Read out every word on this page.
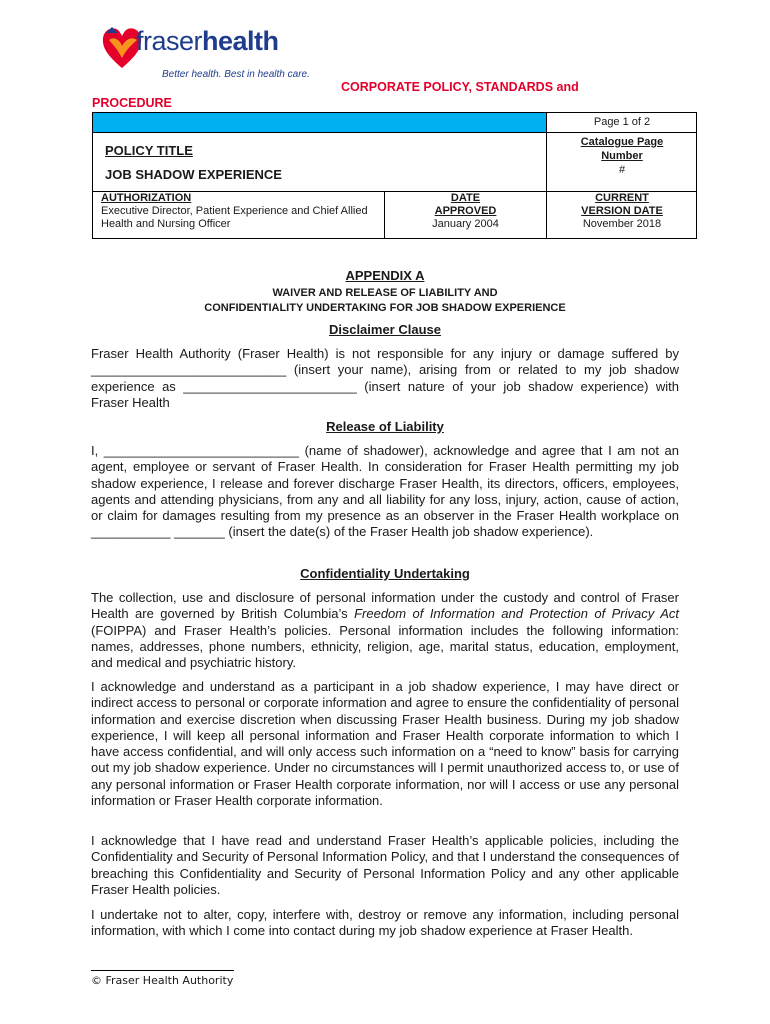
fraserhealth
Better health. Best in health care.
CORPORATE POLICY, STANDARDS and
PROCEDURE
Page 1 of 2
POLICY TITLE
JOB SHADOW EXPERIENCE
Catalogue Page
Number
#
AUTHORIZATION
Executive Director, Patient Experience and Chief Allied Health and Nursing Officer
DATE
APPROVED
January 2004
CURRENT
VERSION DATE
November 2018
APPENDIX A
WAIVER AND RELEASE OF LIABILITY AND
CONFIDENTIALITY UNDERTAKING FOR JOB SHADOW EXPERIENCE
Disclaimer Clause

Fraser Health Authority (Fraser Health) is not responsible for any injury or damage suffered by ___________________________ (insert your name), arising from or related to my job shadow experience as ________________________ (insert nature of your job shadow experience) with Fraser Health

Release of Liability

I, ___________________________ (name of shadower), acknowledge and agree that I am not an agent, employee or servant of Fraser Health. In consideration for Fraser Health permitting my job shadow experience, I release and forever discharge Fraser Health, its directors, officers, employees, agents and attending physicians, from any and all liability for any loss, injury, action, cause of action, or claim for damages resulting from my presence as an observer in the Fraser Health workplace on ___________ _______ (insert the date(s) of the Fraser Health job shadow experience).

Confidentiality Undertaking

The collection, use and disclosure of personal information under the custody and control of Fraser Health are governed by British Columbia’s Freedom of Information and Protection of Privacy Act (FOIPPA) and Fraser Health’s policies. Personal information includes the following information: names, addresses, phone numbers, ethnicity, religion, age, marital status, education, employment, and medical and psychiatric history.

I acknowledge and understand as a participant in a job shadow experience, I may have direct or indirect access to personal or corporate information and agree to ensure the confidentiality of personal information and exercise discretion when discussing Fraser Health business. During my job shadow experience, I will keep all personal information and Fraser Health corporate information to which I have access confidential, and will only access such information on a “need to know” basis for carrying out my job shadow experience. Under no circumstances will I permit unauthorized access to, or use of any personal information or Fraser Health corporate information, nor will I access or use any personal information or Fraser Health corporate information.

I acknowledge that I have read and understand Fraser Health’s applicable policies, including the Confidentiality and Security of Personal Information Policy, and that I understand the consequences of breaching this Confidentiality and Security of Personal Information Policy and any other applicable Fraser Health policies.

I undertake not to alter, copy, interfere with, destroy or remove any information, including personal information, with which I come into contact during my job shadow experience at Fraser Health.

© Fraser Health Authority
